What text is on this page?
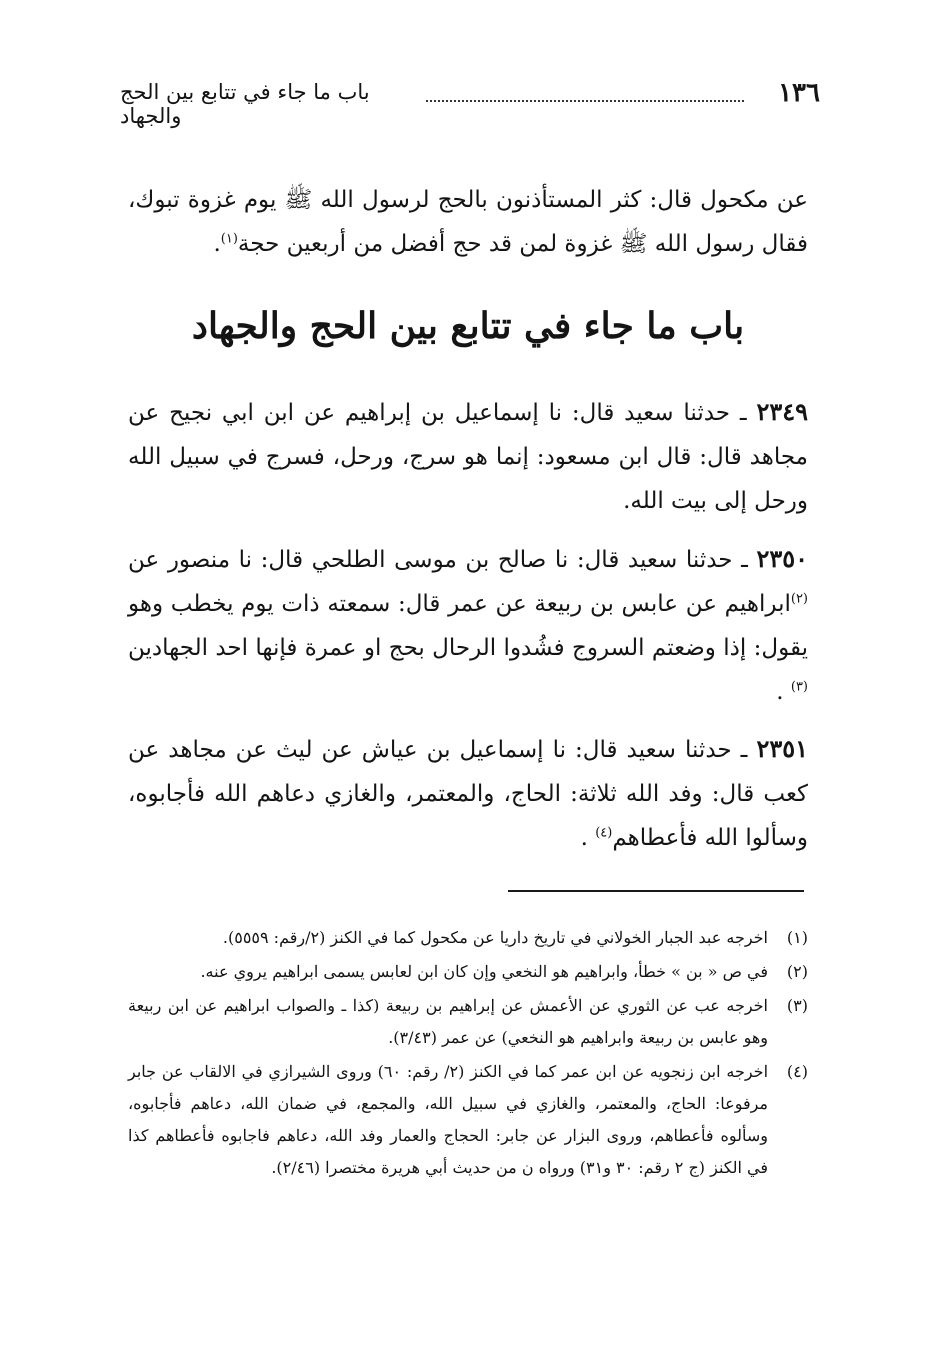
١٣٦
باب ما جاء في تتابع بين الحج والجهاد

عن مكحول قال: كثر المستأذنون بالحج لرسول الله ﷺ يوم غزوة تبوك، فقال رسول الله ﷺ غزوة لمن قد حج أفضل من أربعين حجة$^{(١)}$.

باب ما جاء في تتابع بين الحج والجهاد

٢٣٤٩ ـ حدثنا سعيد قال: نا إسماعيل بن إبراهيم عن ابن ابي نجيح عن مجاهد قال: قال ابن مسعود: إنما هو سرج، ورحل، فسرج في سبيل الله ورحل إلى بيت الله.

٢٣٥٠ ـ حدثنا سعيد قال: نا صالح بن موسى الطلحي قال: نا منصور عن $^{(٢)}$ابراهيم عن عابس بن ربيعة عن عمر قال: سمعته ذات يوم يخطب وهو يقول: إذا وضعتم السروج فشُدوا الرحال بحج او عمرة فإنها احد الجهادين $^{(٣)}$ .

٢٣٥١ ـ حدثنا سعيد قال: نا إسماعيل بن عياش عن ليث عن مجاهد عن كعب قال: وفد الله ثلاثة: الحاج، والمعتمر، والغازي دعاهم الله فأجابوه، وسألوا الله فأعطاهم$^{(٤)}$ .

(١)
اخرجه عبد الجبار الخولاني في تاريخ داريا عن مكحول كما في الكنز (٢/رقم: ٥٥٥٩).
(٢)
في ص « بن » خطأ، وابراهيم هو النخعي وإن كان ابن لعابس يسمى ابراهيم يروي عنه.
(٣)
اخرجه عب عن الثوري عن الأعمش عن إبراهيم بن ربيعة (كذا ـ والصواب ابراهيم عن ابن ربيعة وهو عابس بن ربيعة وابراهيم هو النخعي) عن عمر (٣/٤٣).
(٤)
اخرجه ابن زنجويه عن ابن عمر كما في الكنز (٢/ رقم: ٦٠) وروى الشيرازي في الالقاب عن جابر مرفوعا: الحاج، والمعتمر، والغازي في سبيل الله، والمجمع، في ضمان الله، دعاهم فأجابوه، وسألوه فأعطاهم، وروى البزار عن جابر: الحجاج والعمار وفد الله، دعاهم فاجابوه فأعطاهم كذا في الكنز (ج ٢ رقم: ٣٠ و٣١) ورواه ن من حديث أبي هريرة مختصرا (٢/٤٦).
